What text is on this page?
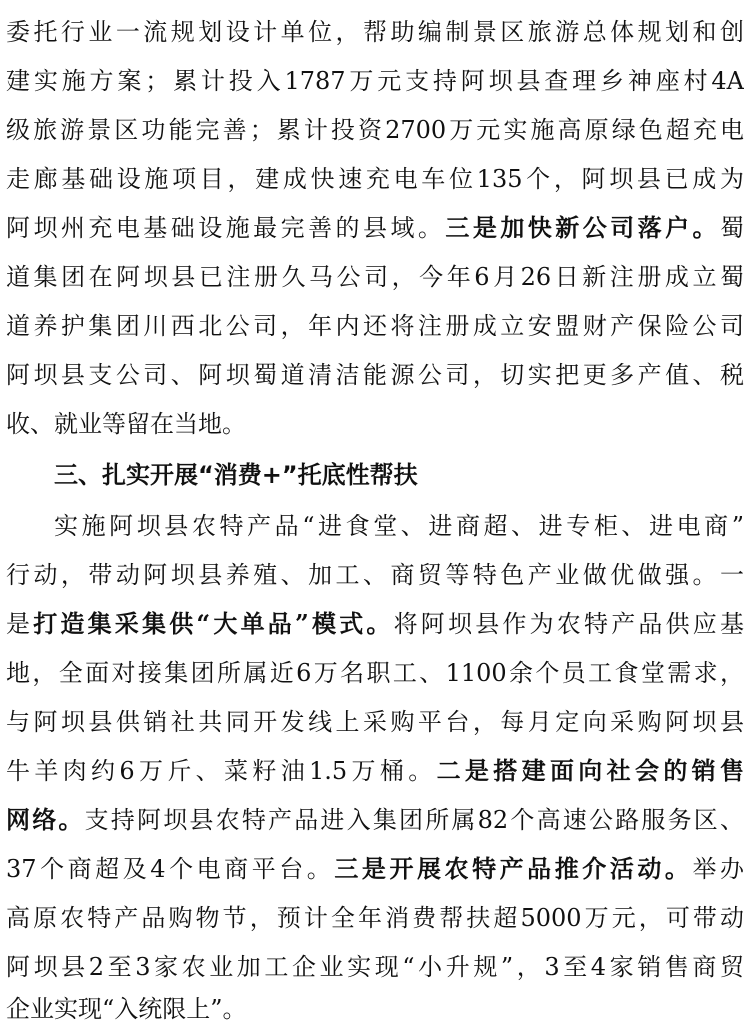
委托行业一流规划设计单位，帮助编制景区旅游总体规划和创
建实施方案；累计投入1787万元支持阿坝县查理乡神座村4A
级旅游景区功能完善；累计投资2700万元实施高原绿色超充电
走廊基础设施项目，建成快速充电车位135个，阿坝县已成为
阿坝州充电基础设施最完善的县域。三是加快新公司落户。蜀
道集团在阿坝县已注册久马公司，今年6月26日新注册成立蜀
道养护集团川西北公司，年内还将注册成立安盟财产保险公司
阿坝县支公司、阿坝蜀道清洁能源公司，切实把更多产值、税
收、就业等留在当地。
三、扎实开展“消费+”托底性帮扶
实施阿坝县农特产品“进食堂、进商超、进专柜、进电商”
行动，带动阿坝县养殖、加工、商贸等特色产业做优做强。一
是打造集采集供“大单品”模式。将阿坝县作为农特产品供应基
地，全面对接集团所属近6万名职工、1100余个员工食堂需求，
与阿坝县供销社共同开发线上采购平台，每月定向采购阿坝县
牛羊肉约6万斤、菜籽油1.5万桶。二是搭建面向社会的销售
网络。支持阿坝县农特产品进入集团所属82个高速公路服务区、
37个商超及4个电商平台。三是开展农特产品推介活动。举办
高原农特产品购物节，预计全年消费帮扶超5000万元，可带动
阿坝县2至3家农业加工企业实现“小升规”，3至4家销售商贸
企业实现“入统限上”。
